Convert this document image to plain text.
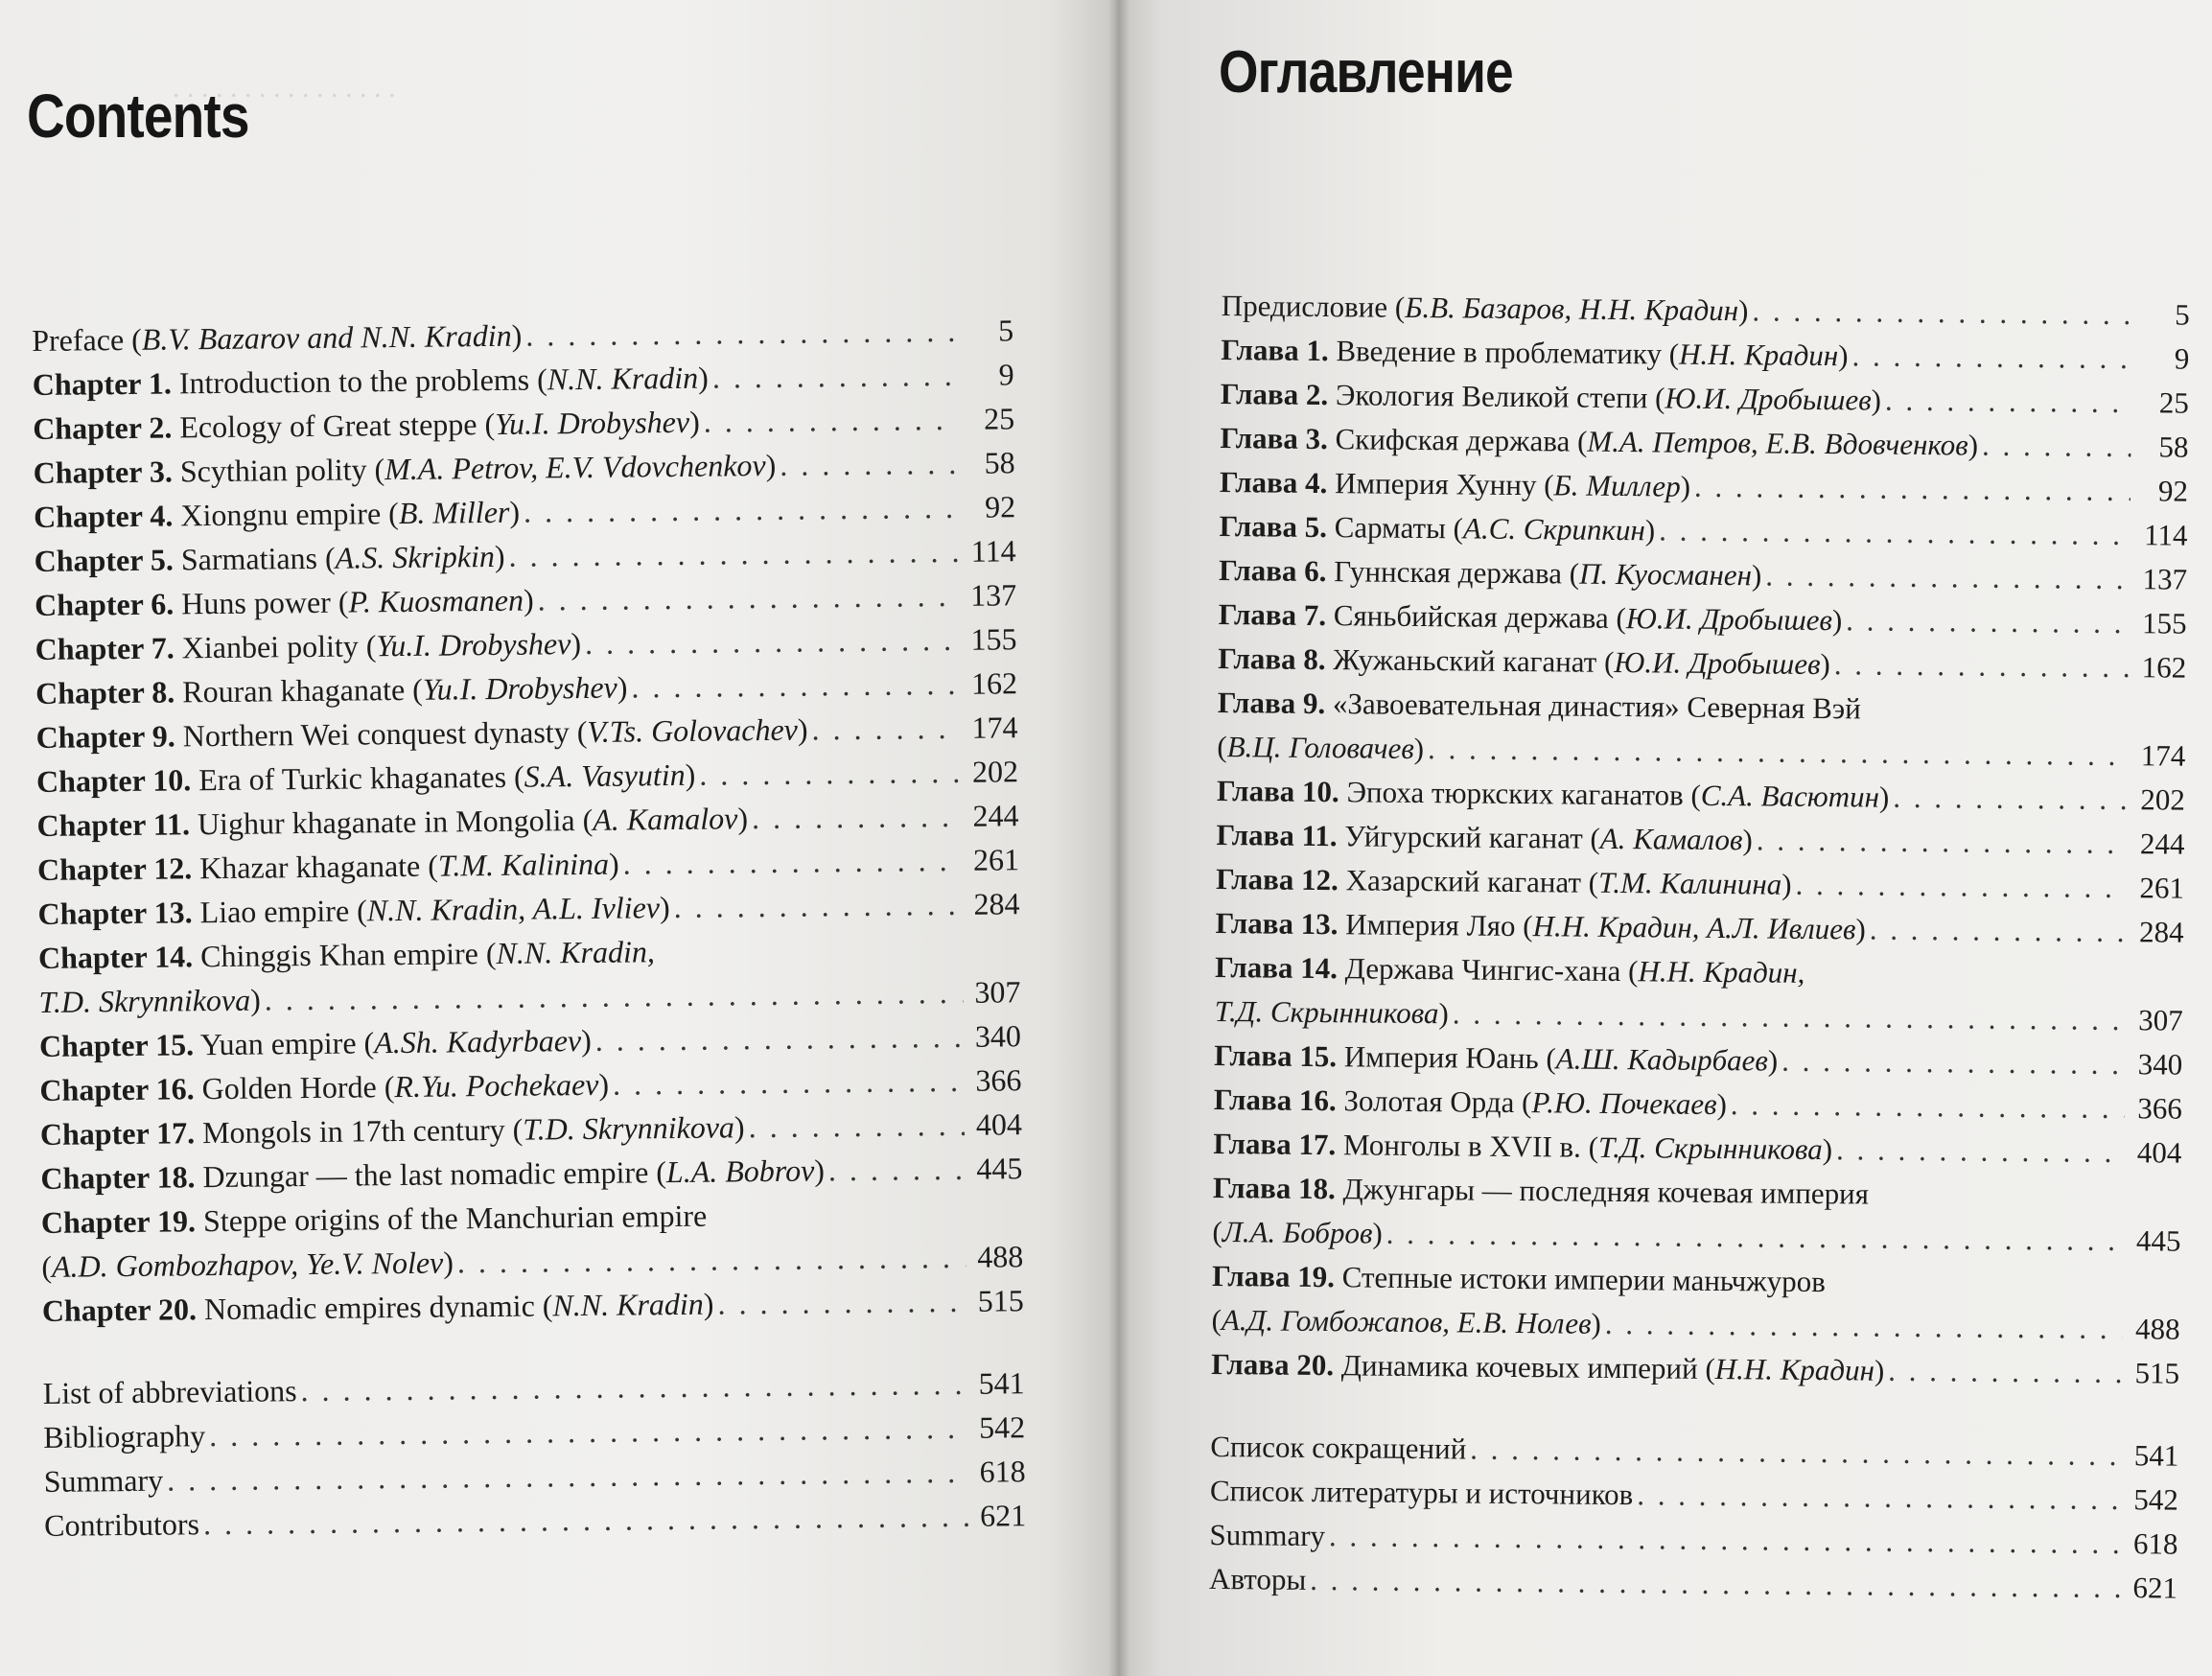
. . . . . . . . . . . . . . . .
Contents
Preface (B.V. Bazarov and N.N. Kradin) . . .	5
Chapter 1. Introduction to the problems (N.N. Kradin) . . .	9
Chapter 2. Ecology of Great steppe (Yu.I. Drobyshev) . . .	25
Chapter 3. Scythian polity (M.A. Petrov, E.V. Vdovchenkov) . . .	58
Chapter 4. Xiongnu empire (B. Miller) . . .	92
Chapter 5. Sarmatians (A.S. Skripkin) . . .	114
Chapter 6. Huns power (P. Kuosmanen) . . .	137
Chapter 7. Xianbei polity (Yu.I. Drobyshev) . . .	155
Chapter 8. Rouran khaganate (Yu.I. Drobyshev) . . .	162
Chapter 9. Northern Wei conquest dynasty (V.Ts. Golovachev) . . .	174
Chapter 10. Era of Turkic khaganates (S.A. Vasyutin) . . .	202
Chapter 11. Uighur khaganate in Mongolia (A. Kamalov) . . .	244
Chapter 12. Khazar khaganate (T.M. Kalinina) . . .	261
Chapter 13. Liao empire (N.N. Kradin, A.L. Ivliev) . . .	284
Chapter 14. Chinggis Khan empire (N.N. Kradin,
T.D. Skrynnikova) . . .	307
Chapter 15. Yuan empire (A.Sh. Kadyrbaev) . . .	340
Chapter 16. Golden Horde (R.Yu. Pochekaev) . . .	366
Chapter 17. Mongols in 17th century (T.D. Skrynnikova) . . .	404
Chapter 18. Dzungar — the last nomadic empire (L.A. Bobrov) . . .	445
Chapter 19. Steppe origins of the Manchurian empire
(A.D. Gombozhapov, Ye.V. Nolev) . . .	488
Chapter 20. Nomadic empires dynamic (N.N. Kradin) . . .	515
List of abbreviations . . .	541
Bibliography . . .	542
Summary . . .	618
Contributors . . .	621
Оглавление
Предисловие (Б.В. Базаров, Н.Н. Крадин) . . .	5
Глава 1. Введение в проблематику (Н.Н. Крадин) . . .	9
Глава 2. Экология Великой степи (Ю.И. Дробышев) . . .	25
Глава 3. Скифская держава (М.А. Петров, Е.В. Вдовченков) . . .	58
Глава 4. Империя Хунну (Б. Миллер) . . .	92
Глава 5. Сарматы (А.С. Скрипкин) . . .	114
Глава 6. Гуннская держава (П. Куосманен) . . .	137
Глава 7. Сяньбийская держава (Ю.И. Дробышев) . . .	155
Глава 8. Жужаньский каганат (Ю.И. Дробышев) . . .	162
Глава 9. «Завоевательная династия» Северная Вэй
(В.Ц. Головачев) . . .	174
Глава 10. Эпоха тюркских каганатов (С.А. Васютин) . . .	202
Глава 11. Уйгурский каганат (А. Камалов) . . .	244
Глава 12. Хазарский каганат (Т.М. Калинина) . . .	261
Глава 13. Империя Ляо (Н.Н. Крадин, А.Л. Ивлиев) . . .	284
Глава 14. Держава Чингис-хана (Н.Н. Крадин,
Т.Д. Скрынникова) . . .	307
Глава 15. Империя Юань (А.Ш. Кадырбаев) . . .	340
Глава 16. Золотая Орда (Р.Ю. Почекаев) . . .	366
Глава 17. Монголы в XVII в. (Т.Д. Скрынникова) . . .	404
Глава 18. Джунгары — последняя кочевая империя
(Л.А. Бобров) . . .	445
Глава 19. Степные истоки империи маньчжуров
(А.Д. Гомбожапов, Е.В. Нолев) . . .	488
Глава 20. Динамика кочевых империй (Н.Н. Крадин) . . .	515
Список сокращений . . .	541
Список литературы и источников . . .	542
Summary . . .	618
Авторы . . .	621
